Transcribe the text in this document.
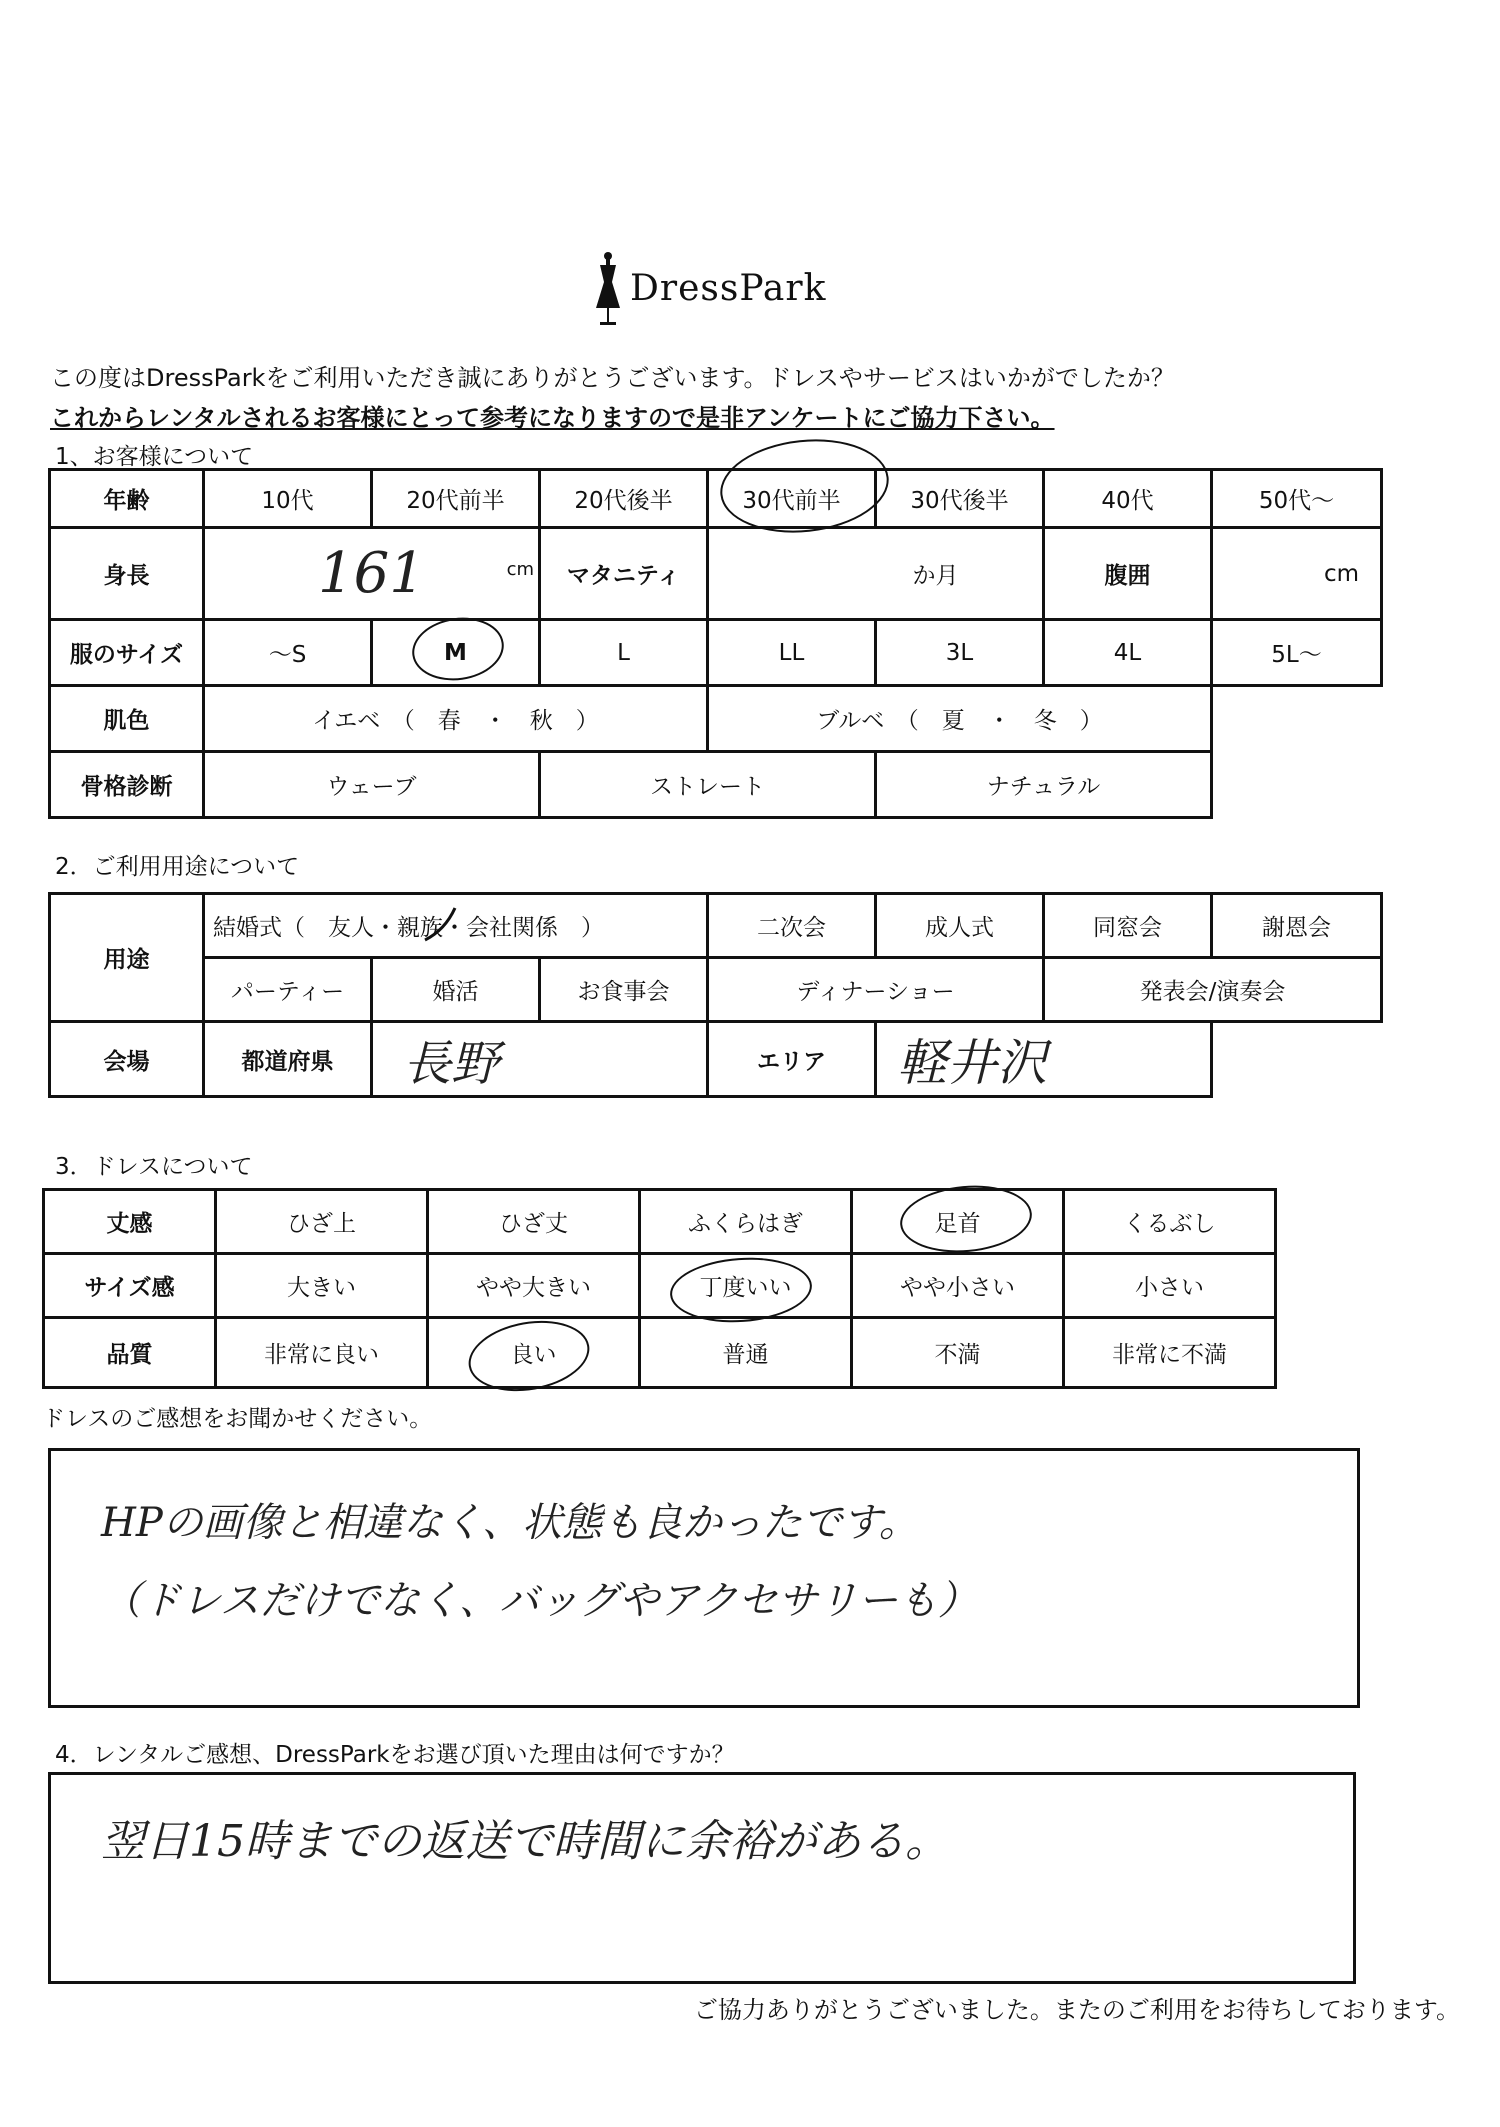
DressPark
この度はDressParkをご利用いただき誠にありがとうございます。ドレスやサービスはいかがでしたか？
これからレンタルされるお客様にとって参考になりますので是非アンケートにご協力下さい。
1、お客様について
年齢	10代	20代前半	20代後半	30代前半	30代後半	40代	50代〜
身長	161 cm		マタニティ	か月		腹囲	cm
服のサイズ	〜S	M	L	LL	3L	4L	5L〜
肌色	イエベ　（　春　・　秋　）			ブルベ　（　夏　・　冬　）			
骨格診断	ウェーブ		ストレート		ナチュラル		
2．ご利用用途について
用途	結婚式（　友人・親族・会社関係　）			二次会	成人式	同窓会	謝恩会
	パーティー	婚活	お食事会	ディナーショー		発表会/演奏会	
会場	都道府県	長野		エリア	軽井沢		
3．ドレスについて
丈感	ひざ上	ひざ丈	ふくらはぎ	足首	くるぶし
サイズ感	大きい	やや大きい	丁度いい	やや小さい	小さい
品質	非常に良い	良い	普通	不満	非常に不満
ドレスのご感想をお聞かせください。
HPの画像と相違なく、状態も良かったです。
（ドレスだけでなく、バッグやアクセサリーも）
4．レンタルご感想、DressParkをお選び頂いた理由は何ですか？
翌日15時までの返送で時間に余裕がある。
ご協力ありがとうございました。またのご利用をお待ちしております。
